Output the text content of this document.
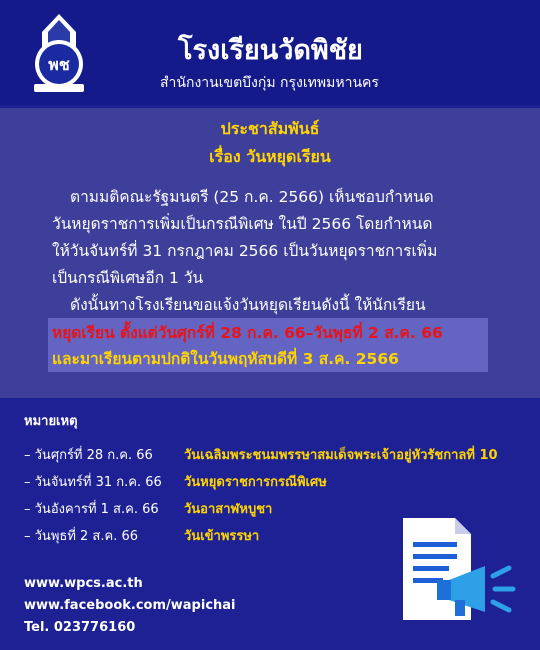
พช	โรงเรียนวัดพิชัย
สำนักงานเขตบึงกุ่ม กรุงเทพมหานคร
ประชาสัมพันธ์
เรื่อง วันหยุดเรียน
ตามมติคณะรัฐมนตรี (25 ก.ค. 2566) เห็นชอบกำหนด
วันหยุดราชการเพิ่มเป็นกรณีพิเศษ ในปี 2566 โดยกำหนด
ให้วันจันทร์ที่ 31 กรกฎาคม 2566 เป็นวันหยุดราชการเพิ่ม
เป็นกรณีพิเศษอีก 1 วัน
ดังนั้นทางโรงเรียนขอแจ้งวันหยุดเรียนดังนี้ ให้นักเรียน
หยุดเรียน ตั้งแต่วันศุกร์ที่ 28 ก.ค. 66–วันพุธที่ 2 ส.ค. 66
และมาเรียนตามปกติในวันพฤหัสบดีที่ 3 ส.ค. 2566
หมายเหตุ
– วันศุกร์ที่ 28 ก.ค. 66 วันเฉลิมพระชนมพรรษาสมเด็จพระเจ้าอยู่หัวรัชกาลที่ 10
– วันจันทร์ที่ 31 ก.ค. 66 วันหยุดราชการกรณีพิเศษ
– วันอังคารที่ 1 ส.ค. 66 วันอาสาฬหบูชา
– วันพุธที่ 2 ส.ค. 66	วันเข้าพรรษา
www.wpcs.ac.th
www.facebook.com/wapichai
Tel. 023776160
